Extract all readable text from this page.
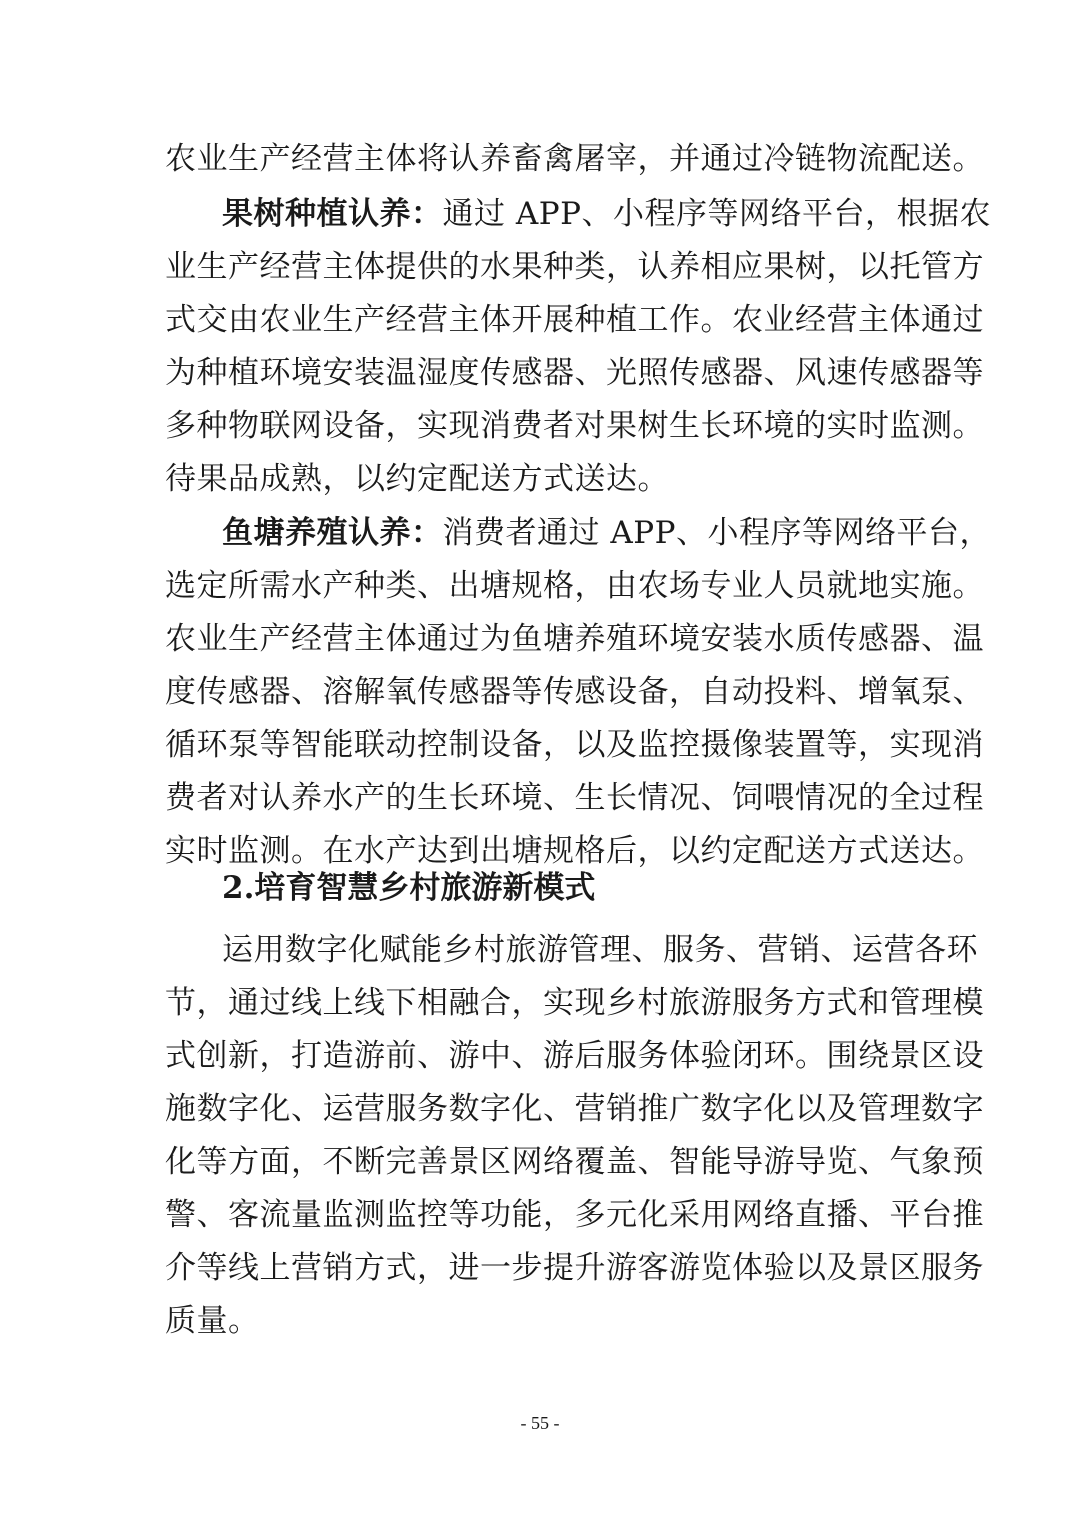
农业生产经营主体将认养畜禽屠宰，并通过冷链物流配送。
果树种植认养：通过 APP、小程序等网络平台，根据农
业生产经营主体提供的水果种类，认养相应果树，以托管方
式交由农业生产经营主体开展种植工作。农业经营主体通过
为种植环境安装温湿度传感器、光照传感器、风速传感器等
多种物联网设备，实现消费者对果树生长环境的实时监测。
待果品成熟，以约定配送方式送达。
鱼塘养殖认养：消费者通过 APP、小程序等网络平台，
选定所需水产种类、出塘规格，由农场专业人员就地实施。
农业生产经营主体通过为鱼塘养殖环境安装水质传感器、温
度传感器、溶解氧传感器等传感设备，自动投料、增氧泵、
循环泵等智能联动控制设备，以及监控摄像装置等，实现消
费者对认养水产的生长环境、生长情况、饲喂情况的全过程
实时监测。在水产达到出塘规格后，以约定配送方式送达。
2.培育智慧乡村旅游新模式
运用数字化赋能乡村旅游管理、服务、营销、运营各环
节，通过线上线下相融合，实现乡村旅游服务方式和管理模
式创新，打造游前、游中、游后服务体验闭环。围绕景区设
施数字化、运营服务数字化、营销推广数字化以及管理数字
化等方面，不断完善景区网络覆盖、智能导游导览、气象预
警、客流量监测监控等功能，多元化采用网络直播、平台推
介等线上营销方式，进一步提升游客游览体验以及景区服务
质量。
- 55 -
